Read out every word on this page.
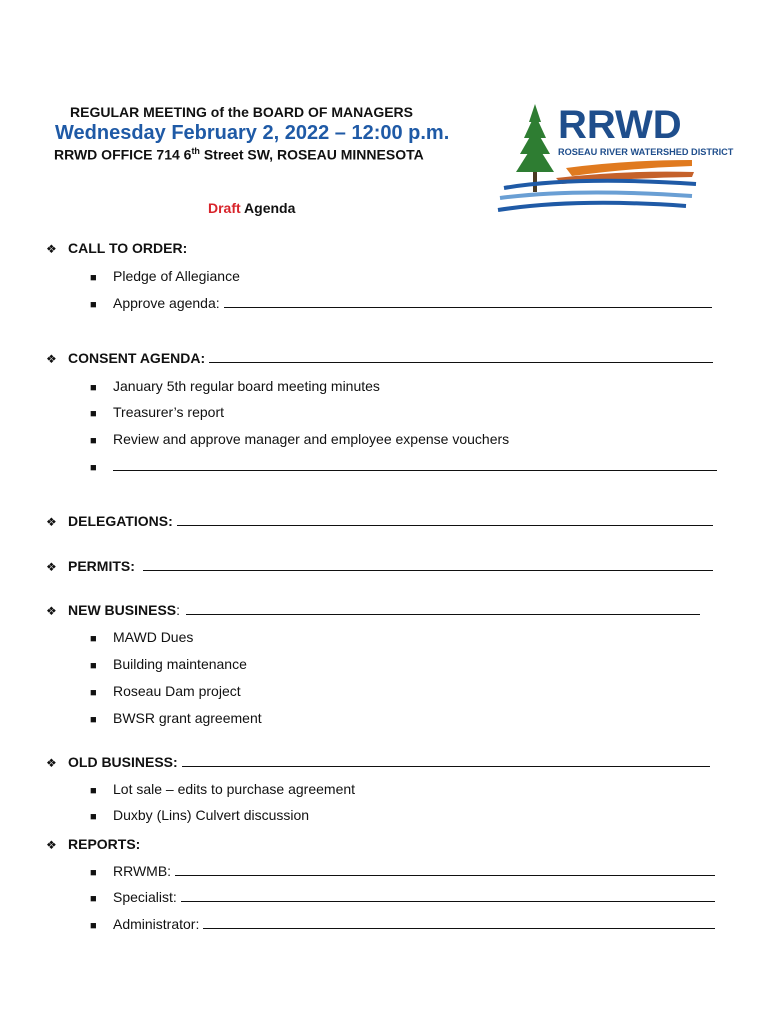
REGULAR MEETING of the BOARD OF MANAGERS
Wednesday February 2, 2022 – 12:00 p.m.
RRWD OFFICE 714 6th Street SW, ROSEAU MINNESOTA
RRWD
ROSEAU RIVER WATERSHED DISTRICT
Draft Agenda
❖ CALL TO ORDER:
■	Pledge of Allegiance
■	Approve agenda:
❖ CONSENT AGENDA:
■	January 5th regular board meeting minutes
■	Treasurer’s report
■	Review and approve manager and employee expense vouchers
■
❖ DELEGATIONS:
❖ PERMITS:
❖ NEW BUSINESS :
■	MAWD Dues
■	Building maintenance
■	Roseau Dam project
■	BWSR grant agreement
❖ OLD BUSINESS:
■	Lot sale – edits to purchase agreement
■	Duxby (Lins) Culvert discussion
❖ REPORTS:
■	RRWMB:
■	Specialist:
■	Administrator:
